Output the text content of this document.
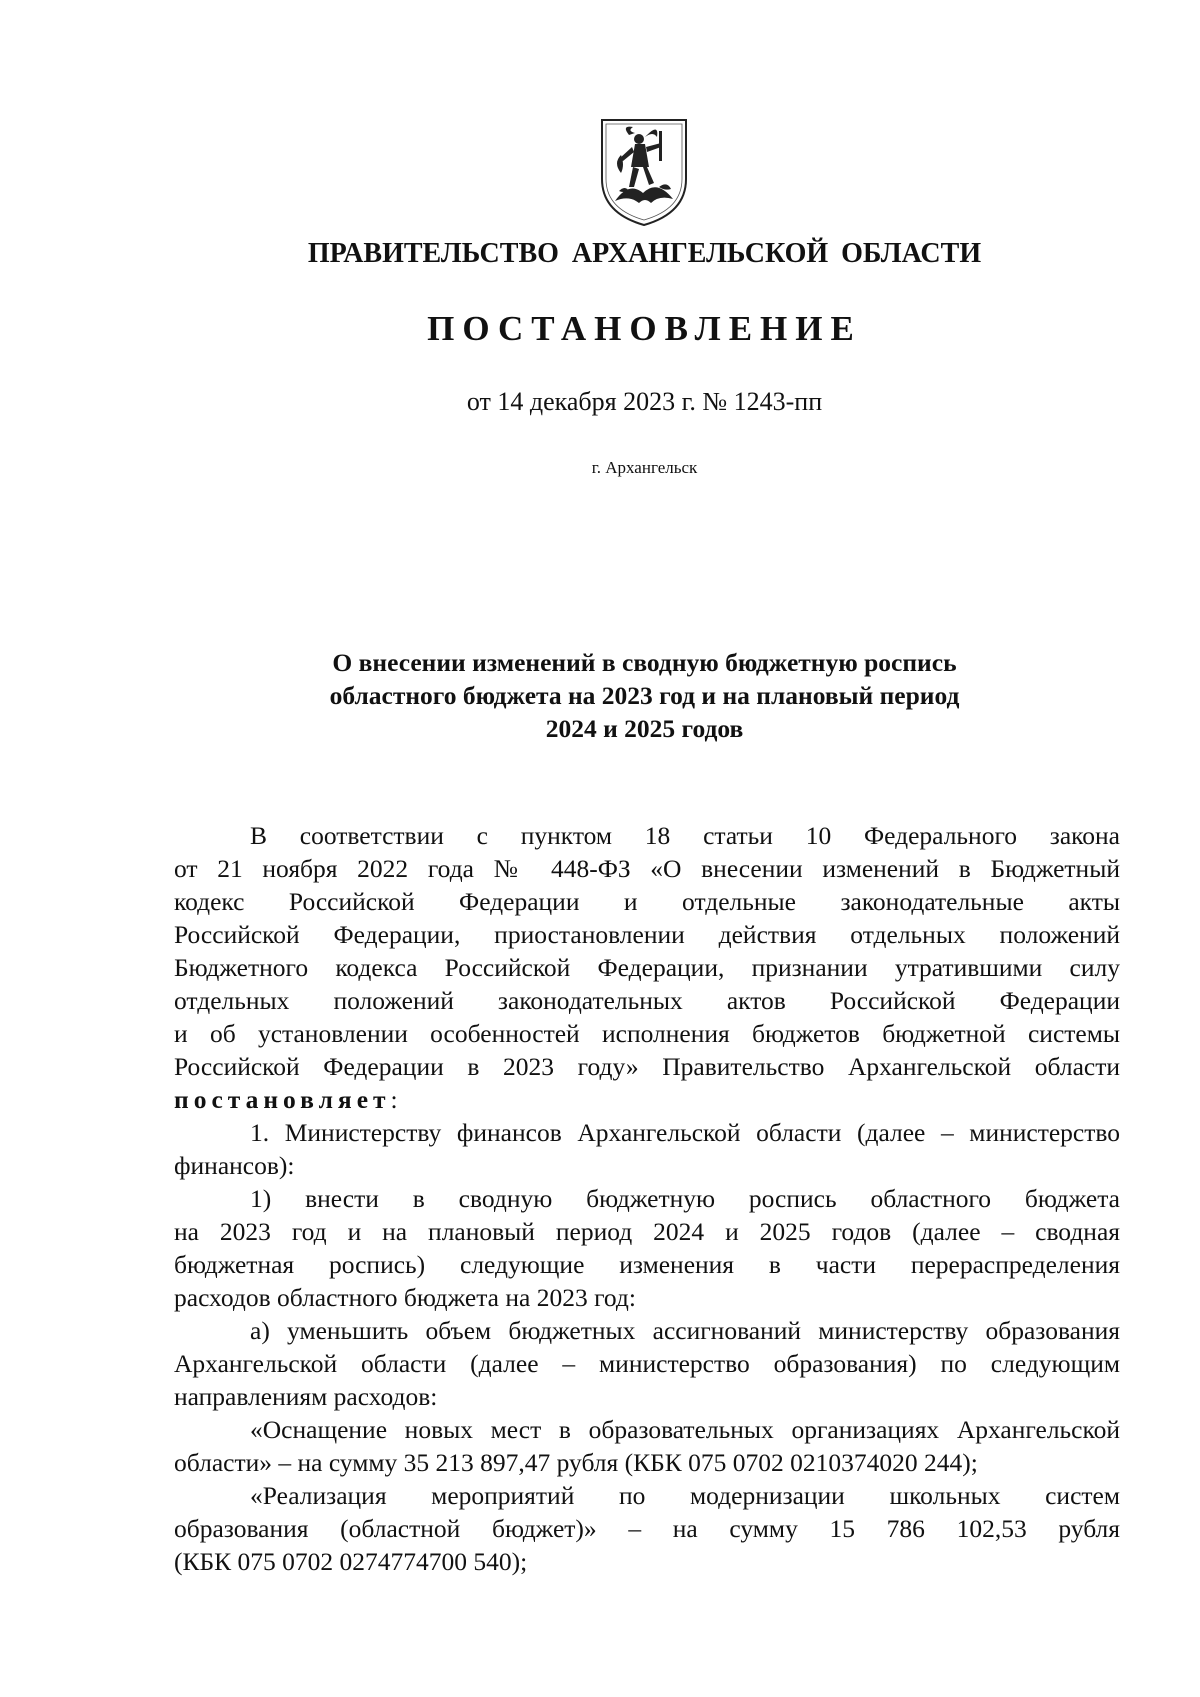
ПРАВИТЕЛЬСТВО АРХАНГЕЛЬСКОЙ ОБЛАСТИ
ПОСТАНОВЛЕНИЕ
от 14 декабря 2023 г. № 1243-пп
г. Архангельск
О внесении изменений в сводную бюджетную роспись
областного бюджета на 2023 год и на плановый период
2024 и 2025 годов
В соответствии с пунктом 18 статьи 10 Федерального закона
от 21 ноября 2022 года № 448-ФЗ «О внесении изменений в Бюджетный
кодекс Российской Федерации и отдельные законодательные акты
Российской Федерации, приостановлении действия отдельных положений
Бюджетного кодекса Российской Федерации, признании утратившими силу
отдельных положений законодательных актов Российской Федерации
и об установлении особенностей исполнения бюджетов бюджетной системы
Российской Федерации в 2023 году» Правительство Архангельской области
постановляет:
1. Министерству финансов Архангельской области (далее – министерство
финансов):
1) внести в сводную бюджетную роспись областного бюджета
на 2023 год и на плановый период 2024 и 2025 годов (далее – сводная
бюджетная роспись) следующие изменения в части перераспределения
расходов областного бюджета на 2023 год:
а) уменьшить объем бюджетных ассигнований министерству образования
Архангельской области (далее – министерство образования) по следующим
направлениям расходов:
«Оснащение новых мест в образовательных организациях Архангельской
области» – на сумму 35 213 897,47 рубля (КБК 075 0702 0210374020 244);
«Реализация мероприятий по модернизации школьных систем
образования (областной бюджет)» – на сумму 15 786 102,53 рубля
(КБК 075 0702 0274774700 540);
